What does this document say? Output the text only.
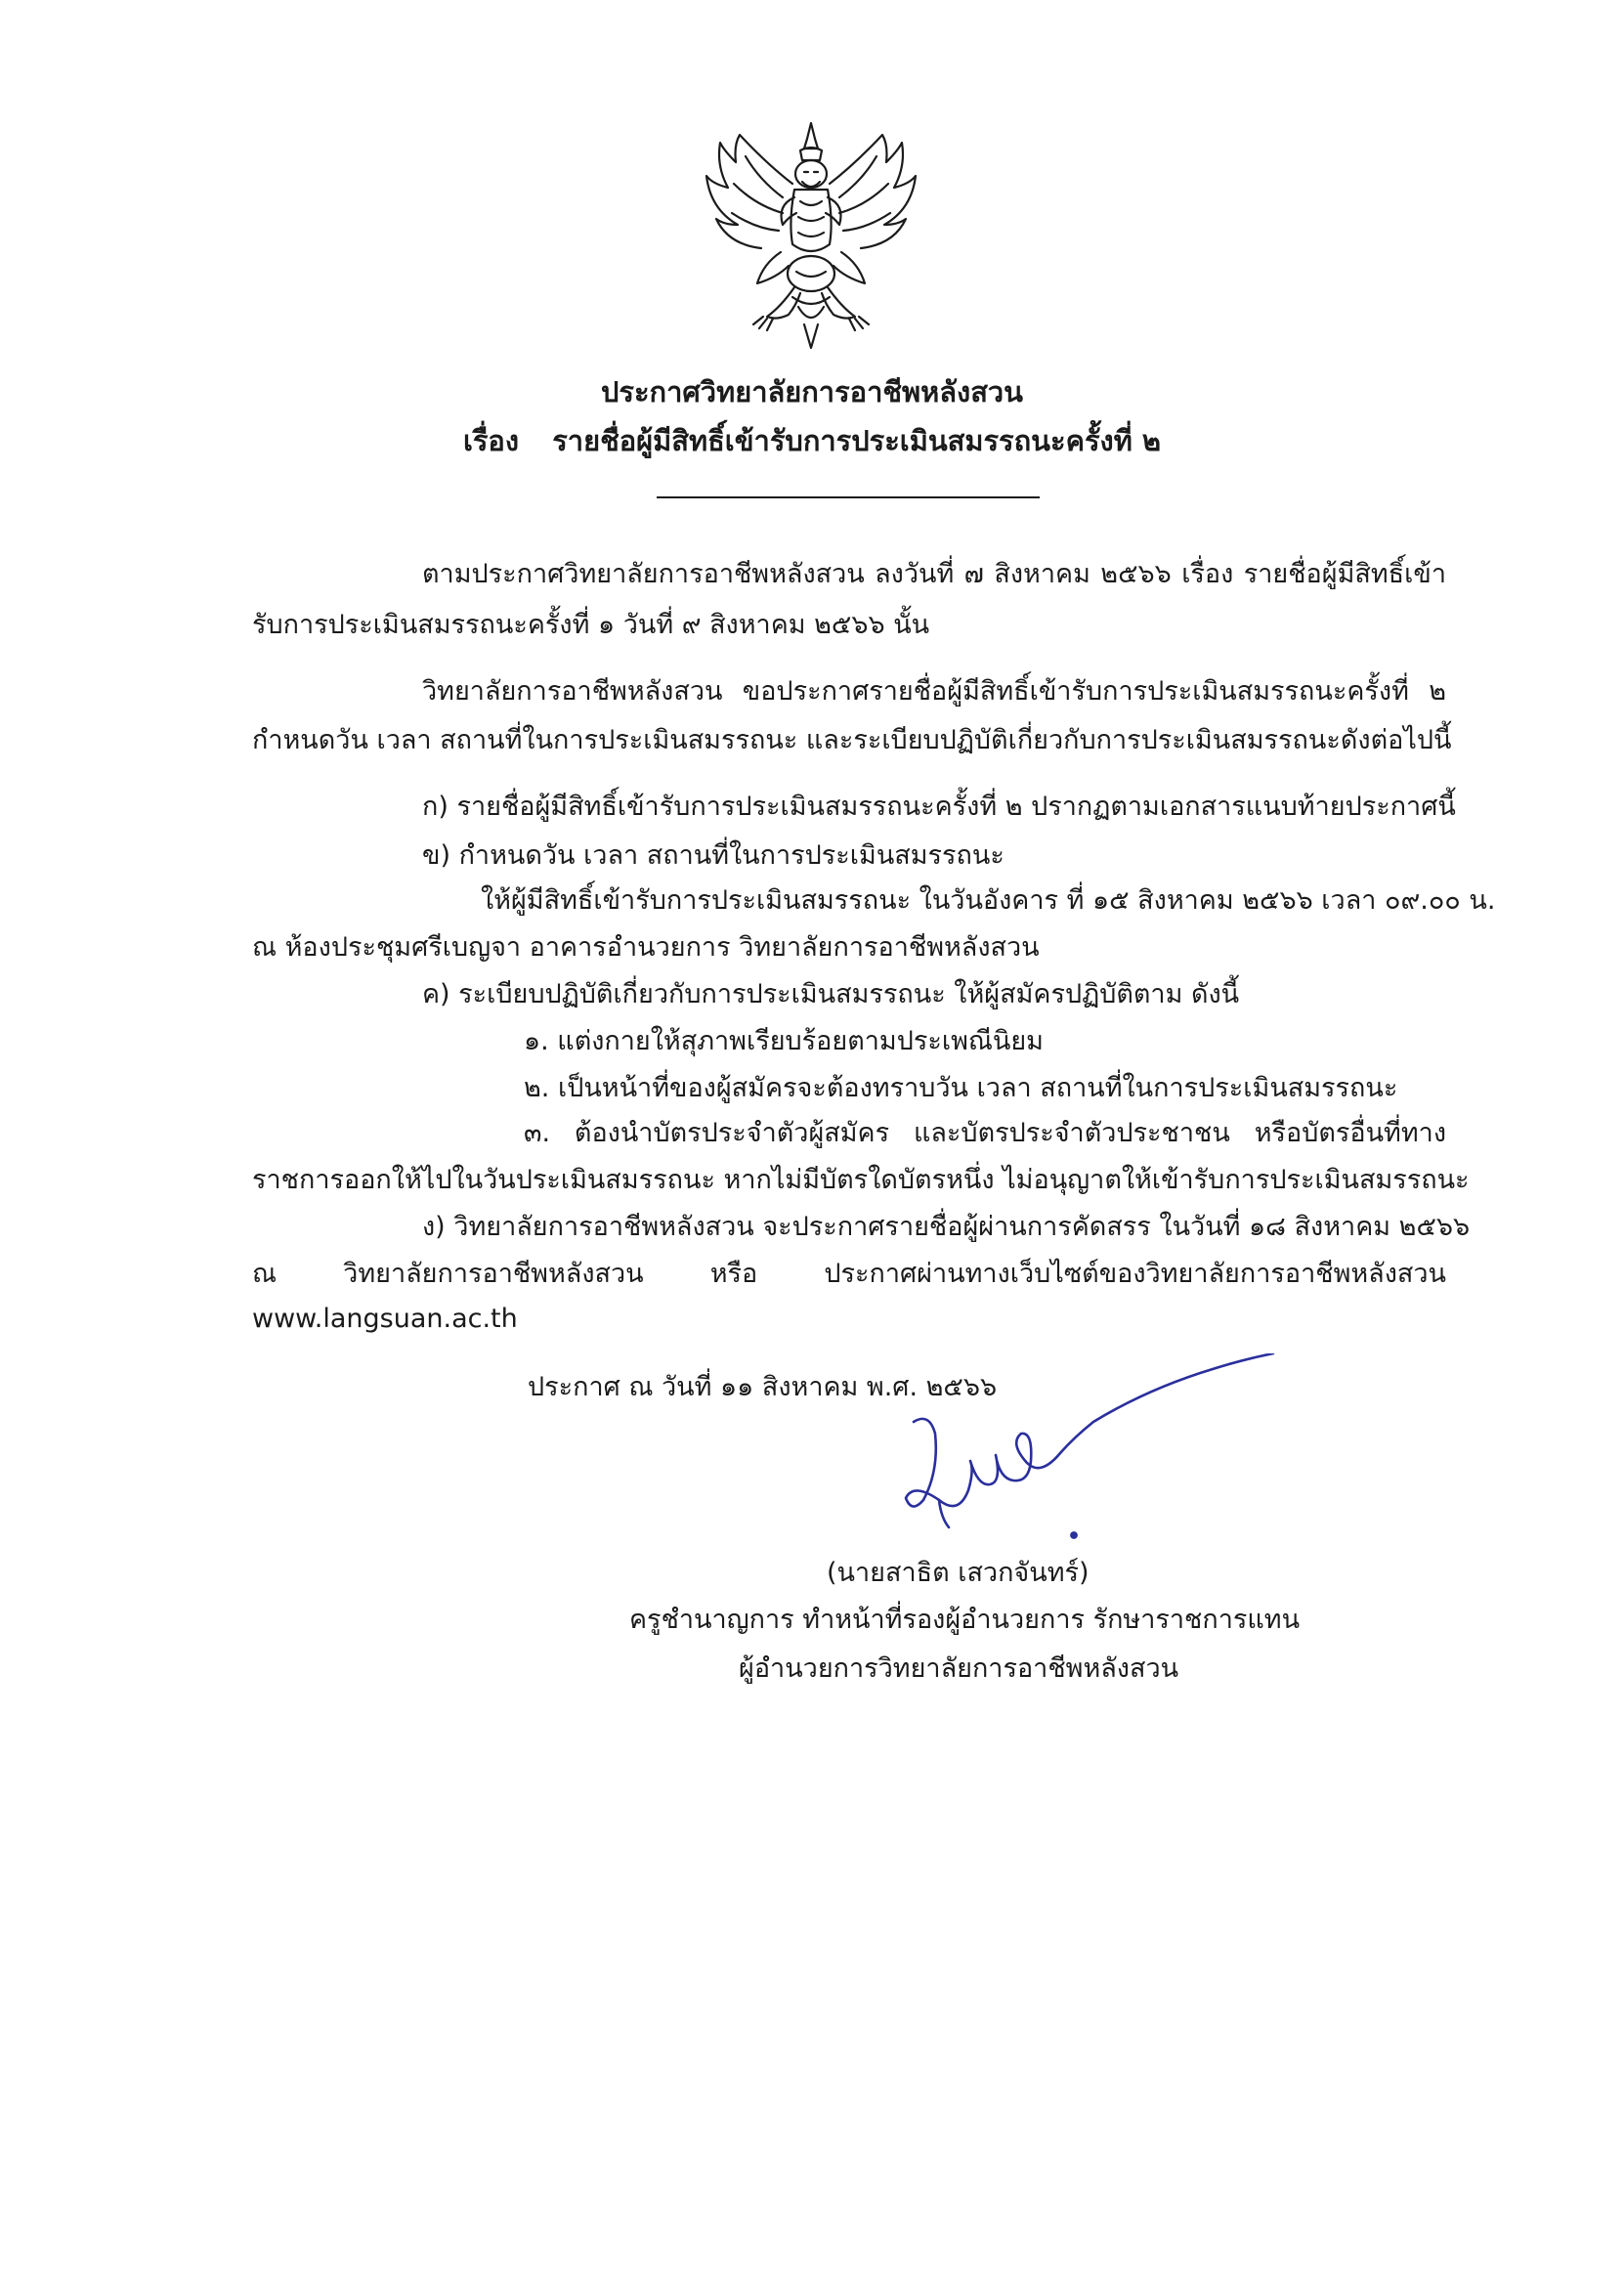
ประกาศวิทยาลัยการอาชีพหลังสวน
เรื่อง รายชื่อผู้มีสิทธิ์เข้ารับการประเมินสมรรถนะครั้งที่ ๒
ตามประกาศวิทยาลัยการอาชีพหลังสวน ลงวันที่ ๗ สิงหาคม ๒๕๖๖ เรื่อง รายชื่อผู้มีสิทธิ์เข้า
รับการประเมินสมรรถนะครั้งที่ ๑ วันที่ ๙ สิงหาคม ๒๕๖๖ นั้น
วิทยาลัยการอาชีพหลังสวน ขอประกาศรายชื่อผู้มีสิทธิ์เข้ารับการประเมินสมรรถนะครั้งที่ ๒
กำหนดวัน เวลา สถานที่ในการประเมินสมรรถนะ และระเบียบปฏิบัติเกี่ยวกับการประเมินสมรรถนะดังต่อไปนี้
ก) รายชื่อผู้มีสิทธิ์เข้ารับการประเมินสมรรถนะครั้งที่ ๒ ปรากฏตามเอกสารแนบท้ายประกาศนี้
ข) กำหนดวัน เวลา สถานที่ในการประเมินสมรรถนะ
ให้ผู้มีสิทธิ์เข้ารับการประเมินสมรรถนะ ในวันอังคาร ที่ ๑๕ สิงหาคม ๒๕๖๖ เวลา ๐๙.๐๐ น.
ณ ห้องประชุมศรีเบญจา อาคารอำนวยการ วิทยาลัยการอาชีพหลังสวน
ค) ระเบียบปฏิบัติเกี่ยวกับการประเมินสมรรถนะ ให้ผู้สมัครปฏิบัติตาม ดังนี้
๑. แต่งกายให้สุภาพเรียบร้อยตามประเพณีนิยม
๒. เป็นหน้าที่ของผู้สมัครจะต้องทราบวัน เวลา สถานที่ในการประเมินสมรรถนะ
๓. ต้องนำบัตรประจำตัวผู้สมัคร และบัตรประจำตัวประชาชน หรือบัตรอื่นที่ทาง
ราชการออกให้ไปในวันประเมินสมรรถนะ หากไม่มีบัตรใดบัตรหนึ่ง ไม่อนุญาตให้เข้ารับการประเมินสมรรถนะ
ง) วิทยาลัยการอาชีพหลังสวน จะประกาศรายชื่อผู้ผ่านการคัดสรร ในวันที่ ๑๘ สิงหาคม ๒๕๖๖
ณ วิทยาลัยการอาชีพหลังสวน หรือ ประกาศผ่านทางเว็บไซต์ของวิทยาลัยการอาชีพหลังสวน
www.langsuan.ac.th
ประกาศ ณ วันที่ ๑๑ สิงหาคม พ.ศ. ๒๕๖๖
(นายสาธิต เสวกจันทร์)
ครูชำนาญการ ทำหน้าที่รองผู้อำนวยการ รักษาราชการแทน
ผู้อำนวยการวิทยาลัยการอาชีพหลังสวน
